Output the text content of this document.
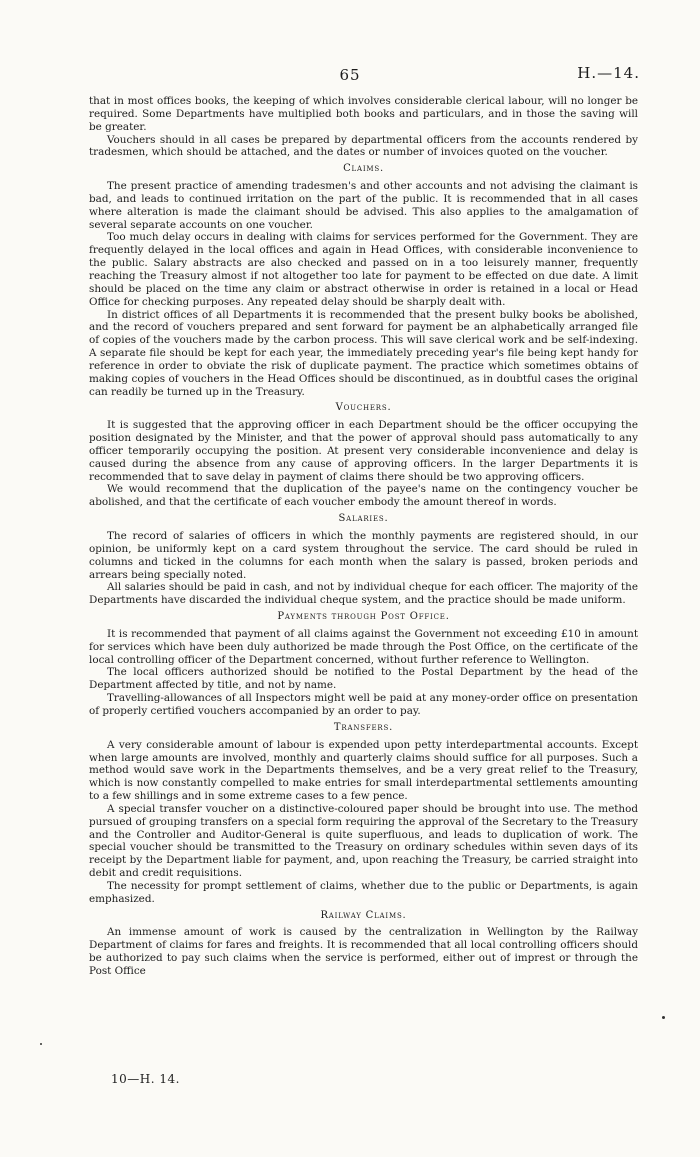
65	H.—14.

that in most offices books, the keeping of which involves considerable clerical labour, will no longer be required. Some Departments have multiplied both books and particulars, and in those the saving will be greater.

Vouchers should in all cases be prepared by departmental officers from the accounts rendered by tradesmen, which should be attached, and the dates or number of invoices quoted on the voucher.

Claims.

The present practice of amending tradesmen's and other accounts and not advising the claimant is bad, and leads to continued irritation on the part of the public. It is recommended that in all cases where alteration is made the claimant should be advised. This also applies to the amalgamation of several separate accounts on one voucher.

Too much delay occurs in dealing with claims for services performed for the Government. They are frequently delayed in the local offices and again in Head Offices, with considerable inconvenience to the public. Salary abstracts are also checked and passed on in a too leisurely manner, frequently reaching the Treasury almost if not altogether too late for payment to be effected on due date. A limit should be placed on the time any claim or abstract otherwise in order is retained in a local or Head Office for checking purposes. Any repeated delay should be sharply dealt with.

In district offices of all Departments it is recommended that the present bulky books be abolished, and the record of vouchers prepared and sent forward for payment be an alphabetically arranged file of copies of the vouchers made by the carbon process. This will save clerical work and be self-indexing. A separate file should be kept for each year, the immediately preceding year's file being kept handy for reference in order to obviate the risk of duplicate payment. The practice which sometimes obtains of making copies of vouchers in the Head Offices should be discontinued, as in doubtful cases the original can readily be turned up in the Treasury.

Vouchers.

It is suggested that the approving officer in each Department should be the officer occupying the position designated by the Minister, and that the power of approval should pass automatically to any officer temporarily occupying the position. At present very considerable inconvenience and delay is caused during the absence from any cause of approving officers. In the larger Departments it is recommended that to save delay in payment of claims there should be two approving officers.

We would recommend that the duplication of the payee's name on the contingency voucher be abolished, and that the certificate of each voucher embody the amount thereof in words.

Salaries.

The record of salaries of officers in which the monthly payments are registered should, in our opinion, be uniformly kept on a card system throughout the service. The card should be ruled in columns and ticked in the columns for each month when the salary is passed, broken periods and arrears being specially noted.

All salaries should be paid in cash, and not by individual cheque for each officer. The majority of the Departments have discarded the individual cheque system, and the practice should be made uniform.

Payments through Post Office.

It is recommended that payment of all claims against the Government not exceeding £10 in amount for services which have been duly authorized be made through the Post Office, on the certificate of the local controlling officer of the Department concerned, without further reference to Wellington.

The local officers authorized should be notified to the Postal Department by the head of the Department affected by title, and not by name.

Travelling-allowances of all Inspectors might well be paid at any money-order office on presentation of properly certified vouchers accompanied by an order to pay.

Transfers.

A very considerable amount of labour is expended upon petty interdepartmental accounts. Except when large amounts are involved, monthly and quarterly claims should suffice for all purposes. Such a method would save work in the Departments themselves, and be a very great relief to the Treasury, which is now constantly compelled to make entries for small interdepartmental settlements amounting to a few shillings and in some extreme cases to a few pence.

A special transfer voucher on a distinctive-coloured paper should be brought into use. The method pursued of grouping transfers on a special form requiring the approval of the Secretary to the Treasury and the Controller and Auditor-General is quite superfluous, and leads to duplication of work. The special voucher should be transmitted to the Treasury on ordinary schedules within seven days of its receipt by the Department liable for payment, and, upon reaching the Treasury, be carried straight into debit and credit requisitions.

The necessity for prompt settlement of claims, whether due to the public or Departments, is again emphasized.

Railway Claims.

An immense amount of work is caused by the centralization in Wellington by the Railway Department of claims for fares and freights. It is recommended that all local controlling officers should be authorized to pay such claims when the service is performed, either out of imprest or through the Post Office

10—H. 14.
